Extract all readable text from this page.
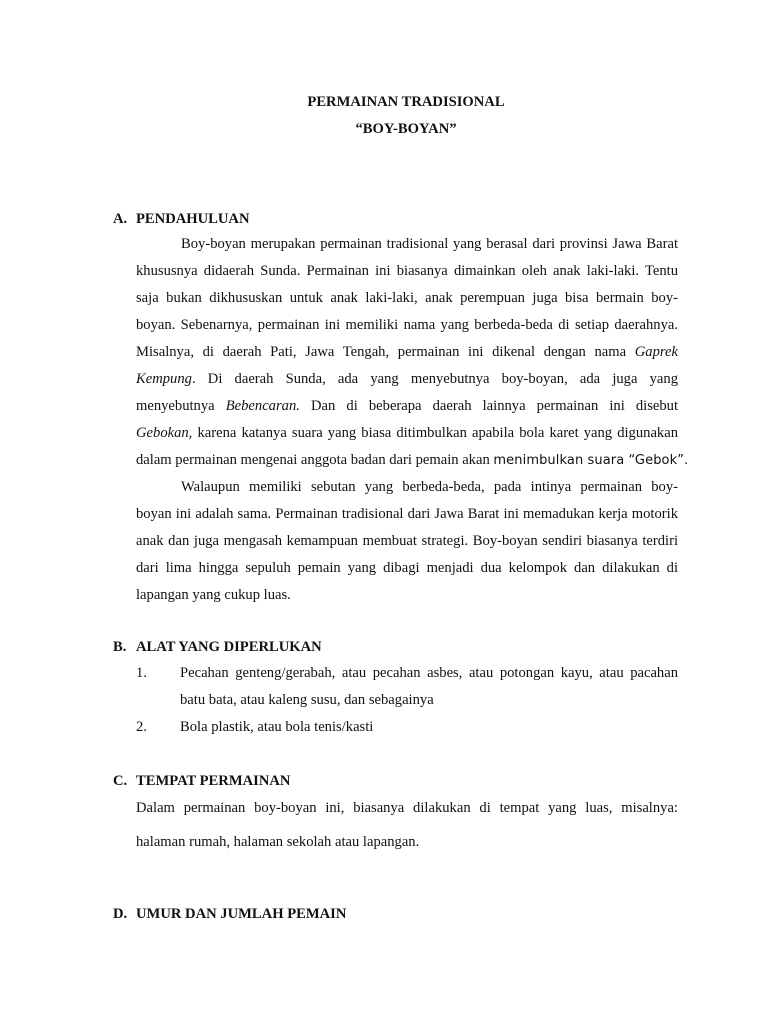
PERMAINAN TRADISIONAL
“BOY-BOYAN”
A. PENDAHULUAN
Boy-boyan merupakan permainan tradisional yang berasal dari provinsi Jawa Barat
khususnya didaerah Sunda. Permainan ini biasanya dimainkan oleh anak laki-laki. Tentu
saja bukan dikhususkan untuk anak laki-laki, anak perempuan juga bisa bermain boy-
boyan. Sebenarnya, permainan ini memiliki nama yang berbeda-beda di setiap daerahnya.
Misalnya, di daerah Pati, Jawa Tengah, permainan ini dikenal dengan nama Gaprek
Kempung. Di daerah Sunda, ada yang menyebutnya boy-boyan, ada juga yang
menyebutnya Bebencaran. Dan di beberapa daerah lainnya permainan ini disebut
Gebokan, karena katanya suara yang biasa ditimbulkan apabila bola karet yang digunakan
dalam permainan mengenai anggota badan dari pemain akan menimbulkan suara “Gebok”.
Walaupun memiliki sebutan yang berbeda-beda, pada intinya permainan boy-
boyan ini adalah sama. Permainan tradisional dari Jawa Barat ini memadukan kerja motorik
anak dan juga mengasah kemampuan membuat strategi. Boy-boyan sendiri biasanya terdiri
dari lima hingga sepuluh pemain yang dibagi menjadi dua kelompok dan dilakukan di
lapangan yang cukup luas.
B. ALAT YANG DIPERLUKAN
1. Pecahan genteng/gerabah, atau pecahan asbes, atau potongan kayu, atau pacahan
batu bata, atau kaleng susu, dan sebagainya
2. Bola plastik, atau bola tenis/kasti
C. TEMPAT PERMAINAN
Dalam permainan boy-boyan ini, biasanya dilakukan di tempat yang luas, misalnya:
halaman rumah, halaman sekolah atau lapangan.
D. UMUR DAN JUMLAH PEMAIN
